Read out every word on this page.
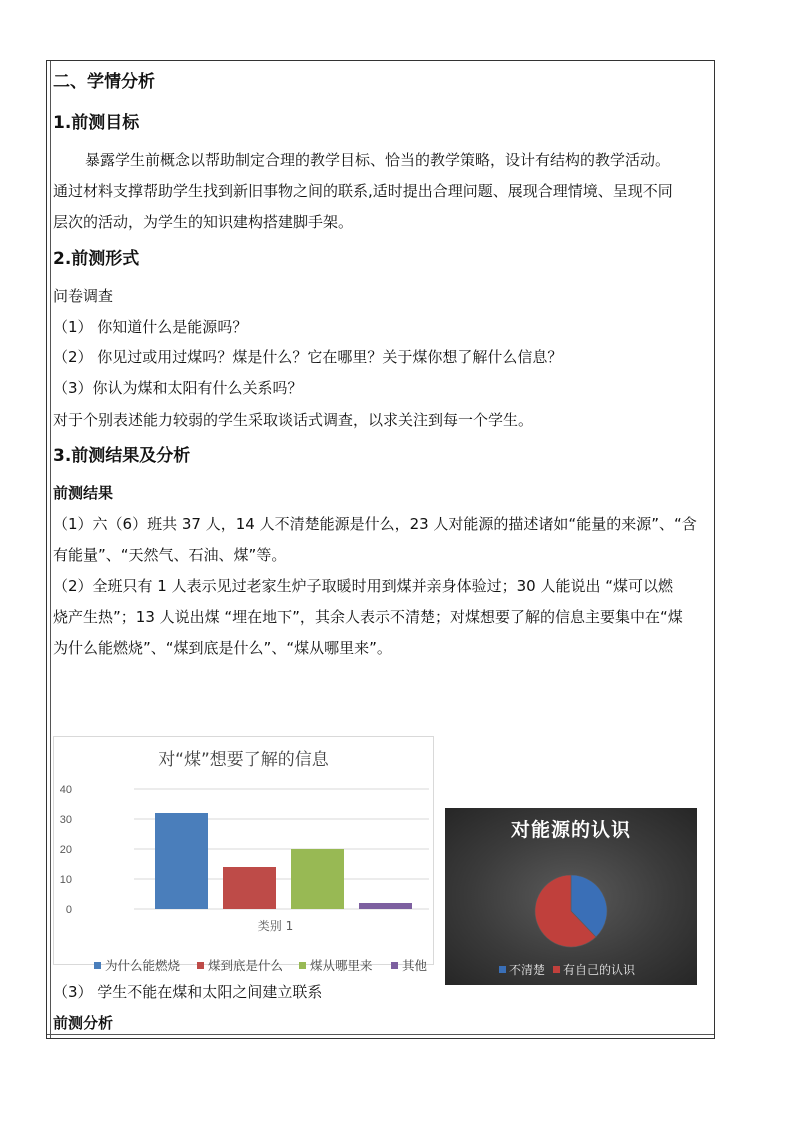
二、学情分析
1.前测目标
暴露学生前概念以帮助制定合理的教学目标、恰当的教学策略，设计有结构的教学活动。
通过材料支撑帮助学生找到新旧事物之间的联系,适时提出合理问题、展现合理情境、呈现不同
层次的活动，为学生的知识建构搭建脚手架。
2.前测形式
问卷调查
（1） 你知道什么是能源吗？
（2） 你见过或用过煤吗？煤是什么？它在哪里？关于煤你想了解什么信息？
（3）你认为煤和太阳有什么关系吗？
对于个别表述能力较弱的学生采取谈话式调查，以求关注到每一个学生。
3.前测结果及分析
前测结果
（1）六（6）班共 37 人，14 人不清楚能源是什么，23 人对能源的描述诸如“能量的来源”、“含
有能量”、“天然气、石油、煤”等。
（2）全班只有 1 人表示见过老家生炉子取暖时用到煤并亲身体验过；30 人能说出 “煤可以燃
烧产生热”；13 人说出煤 “埋在地下”，其余人表示不清楚；对煤想要了解的信息主要集中在“煤
为什么能燃烧”、“煤到底是什么”、“煤从哪里来”。
对“煤”想要了解的信息
0
10
20
30
40
类别 1
为什么能燃烧	煤到底是什么	煤从哪里来	其他
对能源的认识
不清楚 有自己的认识
（3） 学生不能在煤和太阳之间建立联系
前测分析
